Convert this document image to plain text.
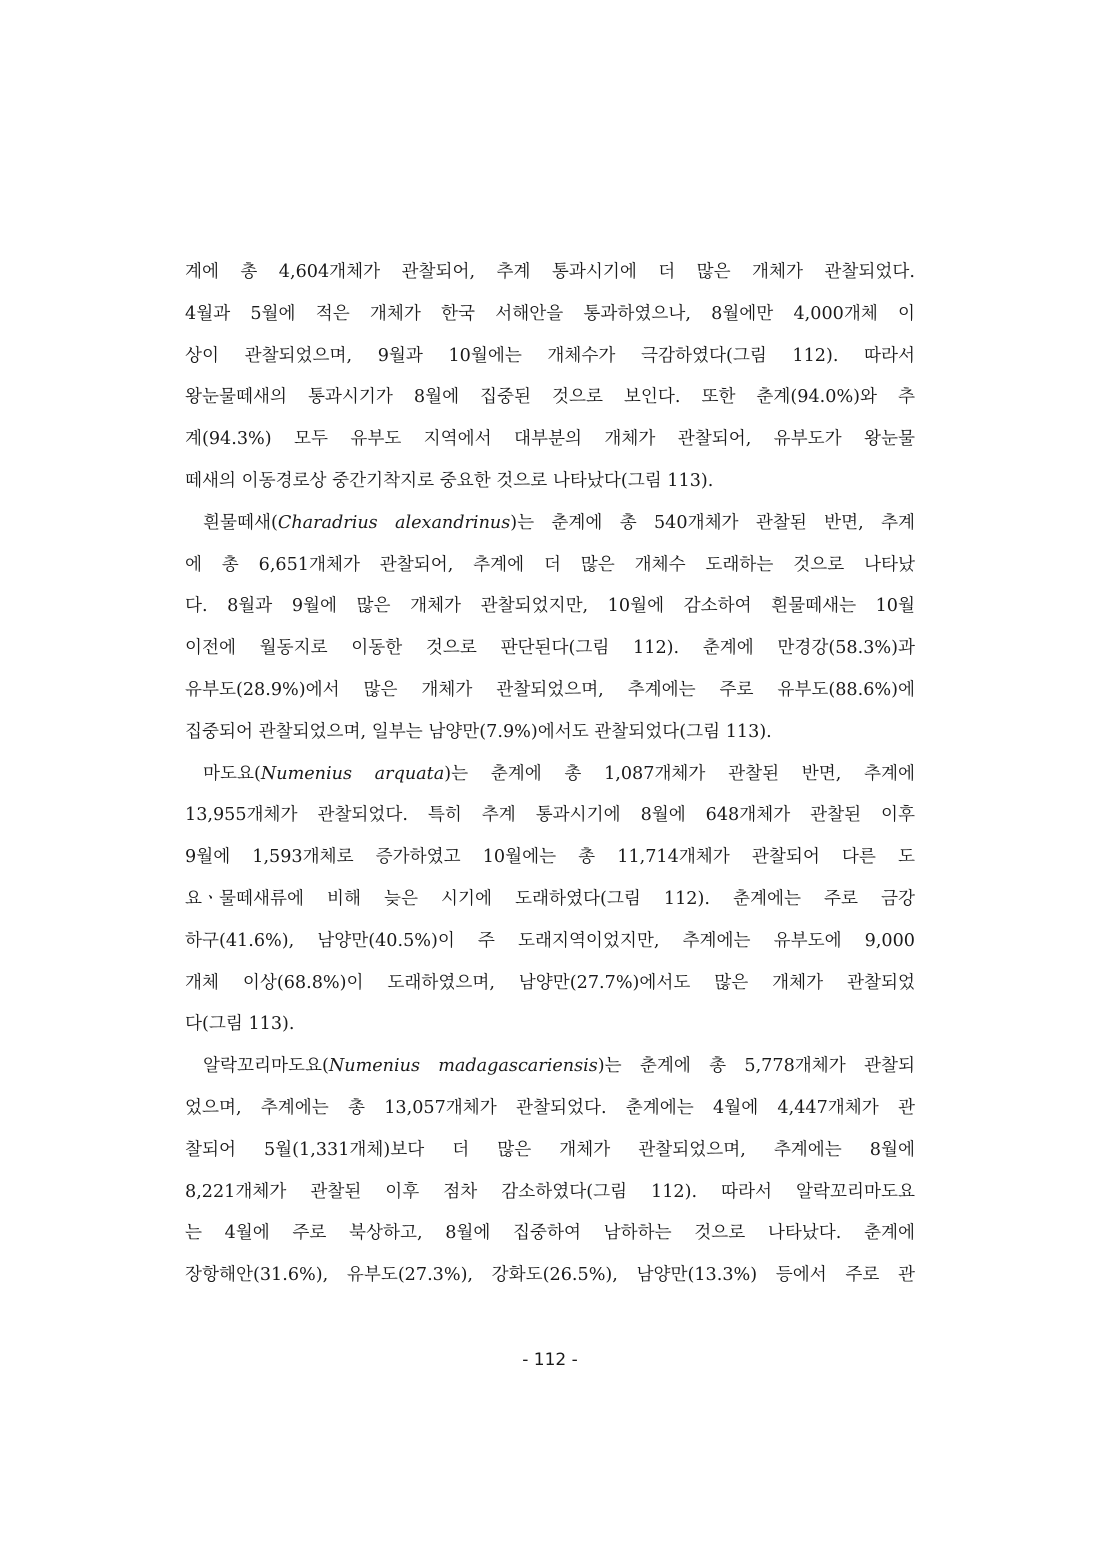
계에 총 4,604개체가 관찰되어, 추계 통과시기에 더 많은 개체가 관찰되었다.
4월과 5월에 적은 개체가 한국 서해안을 통과하였으나, 8월에만 4,000개체 이
상이 관찰되었으며, 9월과 10월에는 개체수가 극감하였다(그림 112). 따라서
왕눈물떼새의 통과시기가 8월에 집중된 것으로 보인다. 또한 춘계(94.0%)와 추
계(94.3%) 모두 유부도 지역에서 대부분의 개체가 관찰되어, 유부도가 왕눈물
떼새의 이동경로상 중간기착지로 중요한 것으로 나타났다(그림 113).
흰물떼새(Charadrius alexandrinus)는 춘계에 총 540개체가 관찰된 반면, 추계
에 총 6,651개체가 관찰되어, 추계에 더 많은 개체수 도래하는 것으로 나타났
다. 8월과 9월에 많은 개체가 관찰되었지만, 10월에 감소하여 흰물떼새는 10월
이전에 월동지로 이동한 것으로 판단된다(그림 112). 춘계에 만경강(58.3%)과
유부도(28.9%)에서 많은 개체가 관찰되었으며, 추계에는 주로 유부도(88.6%)에
집중되어 관찰되었으며, 일부는 남양만(7.9%)에서도 관찰되었다(그림 113).
마도요(Numenius arquata)는 춘계에 총 1,087개체가 관찰된 반면, 추계에
13,955개체가 관찰되었다. 특히 추계 통과시기에 8월에 648개체가 관찰된 이후
9월에 1,593개체로 증가하였고 10월에는 총 11,714개체가 관찰되어 다른 도
요ㆍ물떼새류에 비해 늦은 시기에 도래하였다(그림 112). 춘계에는 주로 금강
하구(41.6%), 남양만(40.5%)이 주 도래지역이었지만, 추계에는 유부도에 9,000
개체 이상(68.8%)이 도래하였으며, 남양만(27.7%)에서도 많은 개체가 관찰되었
다(그림 113).
알락꼬리마도요(Numenius madagascariensis)는 춘계에 총 5,778개체가 관찰되
었으며, 추계에는 총 13,057개체가 관찰되었다. 춘계에는 4월에 4,447개체가 관
찰되어 5월(1,331개체)보다 더 많은 개체가 관찰되었으며, 추계에는 8월에
8,221개체가 관찰된 이후 점차 감소하였다(그림 112). 따라서 알락꼬리마도요
는 4월에 주로 북상하고, 8월에 집중하여 남하하는 것으로 나타났다. 춘계에
장항해안(31.6%), 유부도(27.3%), 강화도(26.5%), 남양만(13.3%) 등에서 주로 관
- 112 -
